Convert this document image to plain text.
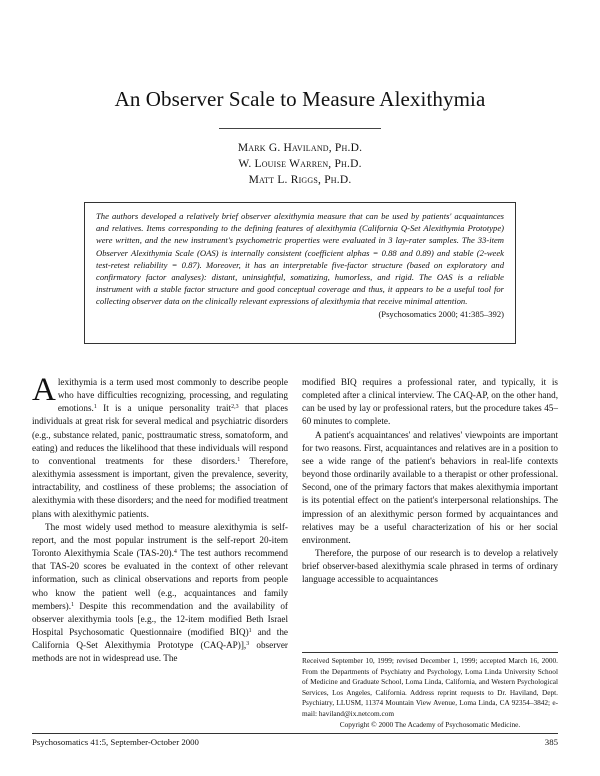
An Observer Scale to Measure Alexithymia
Mark G. Haviland, Ph.D.
W. Louise Warren, Ph.D.
Matt L. Riggs, Ph.D.

The authors developed a relatively brief observer alexithymia measure that can be used by patients' acquaintances and relatives. Items corresponding to the defining features of alexithymia (California Q-Set Alexithymia Prototype) were written, and the new instrument's psychometric properties were evaluated in 3 lay-rater samples. The 33-item Observer Alexithymia Scale (OAS) is internally consistent (coefficient alphas = 0.88 and 0.89) and stable (2-week test-retest reliability = 0.87). Moreover, it has an interpretable five-factor structure (based on exploratory and confirmatory factor analyses): distant, uninsightful, somatizing, humorless, and rigid. The OAS is a reliable instrument with a stable factor structure and good conceptual coverage and thus, it appears to be a useful tool for collecting observer data on the clinically relevant expressions of alexithymia that receive minimal attention.
(Psychosomatics 2000; 41:385–392)

Alexithymia is a term used most commonly to describe people who have difficulties recognizing, processing, and regulating emotions.$^1$ It is a unique personality trait$^{2,3}$ that places individuals at great risk for several medical and psychiatric disorders (e.g., substance related, panic, posttraumatic stress, somatoform, and eating) and reduces the likelihood that these individuals will respond to conventional treatments for these disorders.$^1$ Therefore, alexithymia assessment is important, given the prevalence, severity, intractability, and costliness of these problems; the association of alexithymia with these disorders; and the need for modified treatment plans with alexithymic patients.

The most widely used method to measure alexithymia is self-report, and the most popular instrument is the self-report 20-item Toronto Alexithymia Scale (TAS-20).$^4$ The test authors recommend that TAS-20 scores be evaluated in the context of other relevant information, such as clinical observations and reports from people who know the patient well (e.g., acquaintances and family members).$^1$ Despite this recommendation and the availability of observer alexithymia tools [e.g., the 12-item modified Beth Israel Hospital Psychosomatic Questionnaire (modified BIQ)$^1$ and the California Q-Set Alexithymia Prototype (CAQ-AP)],$^3$ observer methods are not in widespread use. The

modified BIQ requires a professional rater, and typically, it is completed after a clinical interview. The CAQ-AP, on the other hand, can be used by lay or professional raters, but the procedure takes 45–60 minutes to complete.

A patient's acquaintances' and relatives' viewpoints are important for two reasons. First, acquaintances and relatives are in a position to see a wide range of the patient's behaviors in real-life contexts beyond those ordinarily available to a therapist or other professional. Second, one of the primary factors that makes alexithymia important is its potential effect on the patient's interpersonal relationships. The impression of an alexithymic person formed by acquaintances and relatives may be a useful characterization of his or her social environment.

Therefore, the purpose of our research is to develop a relatively brief observer-based alexithymia scale phrased in terms of ordinary language accessible to acquaintances

Received September 10, 1999; revised December 1, 1999; accepted March 16, 2000. From the Departments of Psychiatry and Psychology, Loma Linda University School of Medicine and Graduate School, Loma Linda, California, and Western Psychological Services, Los Angeles, California. Address reprint requests to Dr. Haviland, Dept. Psychiatry, LLUSM, 11374 Mountain View Avenue, Loma Linda, CA 92354–3842; e-mail: haviland@ix.netcom.com

Copyright © 2000 The Academy of Psychosomatic Medicine.

Psychosomatics 41:5, September-October 2000	385
